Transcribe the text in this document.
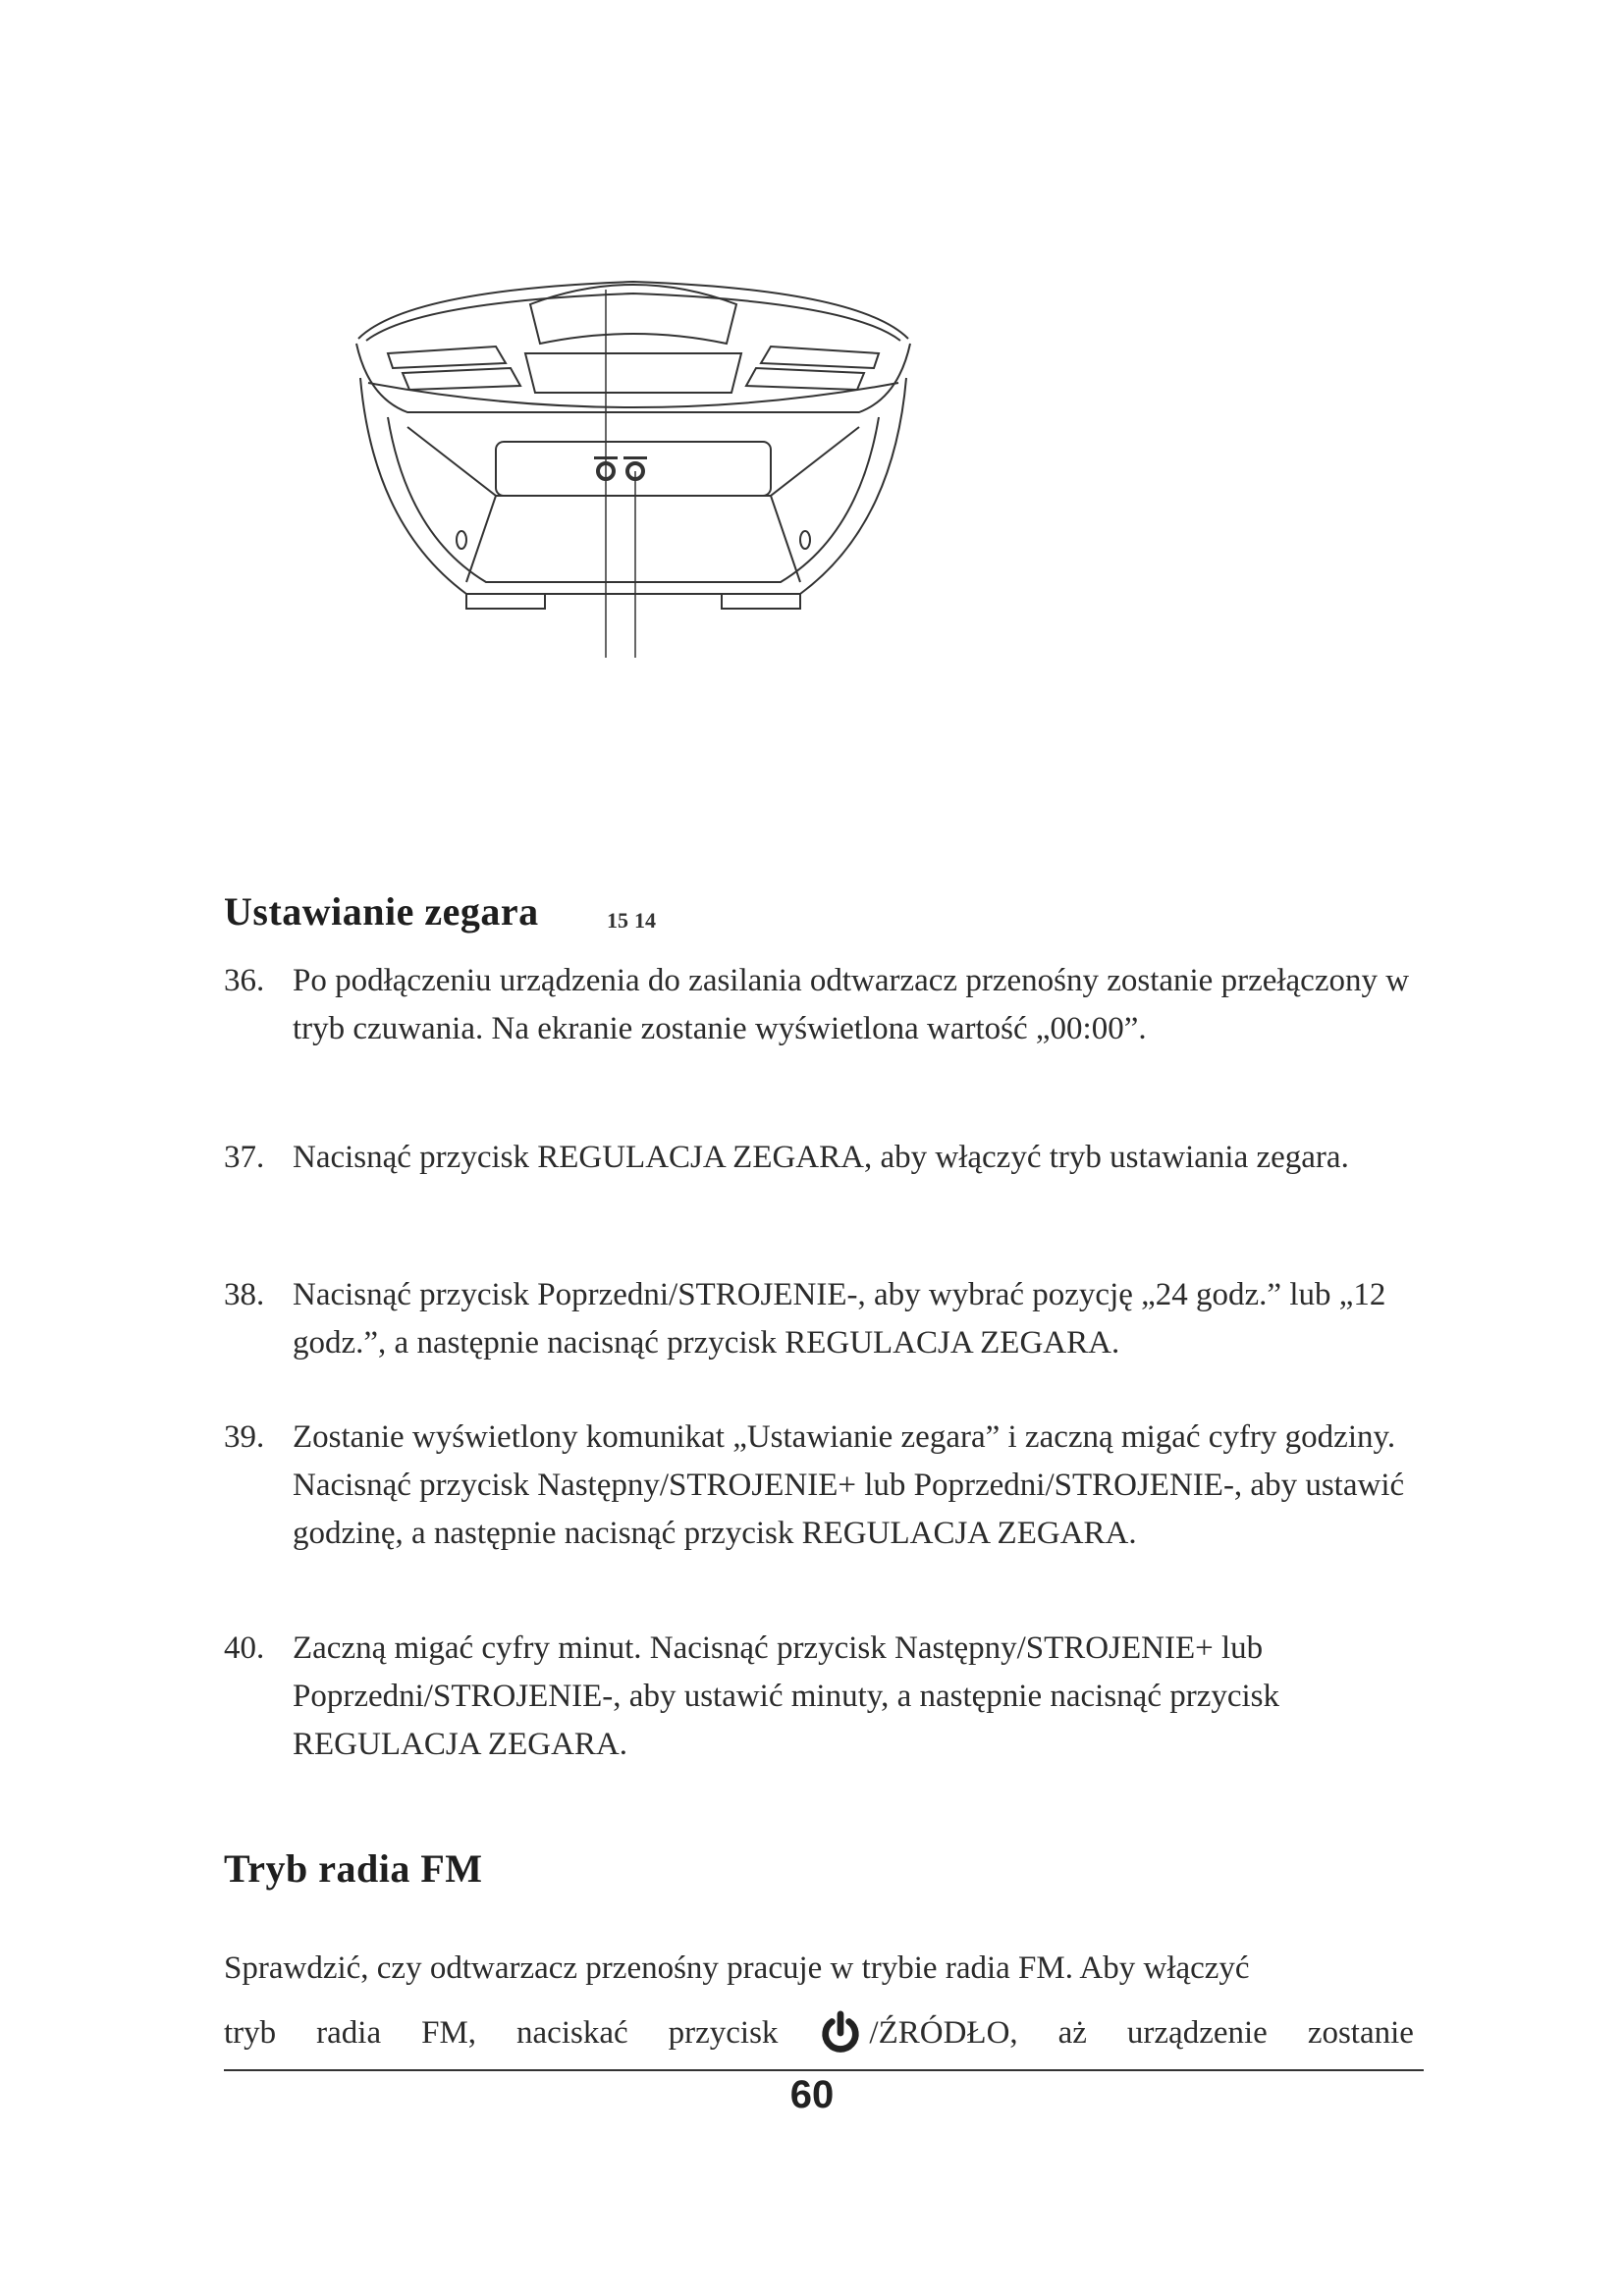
15 14
Ustawianie zegara
36. Po podłączeniu urządzenia do zasilania odtwarzacz przenośny zostanie przełączony w tryb czuwania. Na ekranie zostanie wyświetlona wartość „00:00”.
37. Nacisnąć przycisk REGULACJA ZEGARA, aby włączyć tryb ustawiania zegara.
38. Nacisnąć przycisk Poprzedni/STROJENIE-, aby wybrać pozycję „24 godz.” lub „12 godz.”, a następnie nacisnąć przycisk REGULACJA ZEGARA.
39. Zostanie wyświetlony komunikat „Ustawianie zegara” i zaczną migać cyfry godziny. Nacisnąć przycisk Następny/STROJENIE+ lub Poprzedni/STROJENIE-, aby ustawić godzinę, a następnie nacisnąć przycisk REGULACJA ZEGARA.
40. Zaczną migać cyfry minut. Nacisnąć przycisk Następny/STROJENIE+ lub Poprzedni/STROJENIE-, aby ustawić minuty, a następnie nacisnąć przycisk REGULACJA ZEGARA.
Tryb radia FM
Sprawdzić, czy odtwarzacz przenośny pracuje w trybie radia FM. Aby włączyć
tryb radia FM, naciskać przycisk	/ŹRÓDŁO, aż urządzenie zostanie
60
